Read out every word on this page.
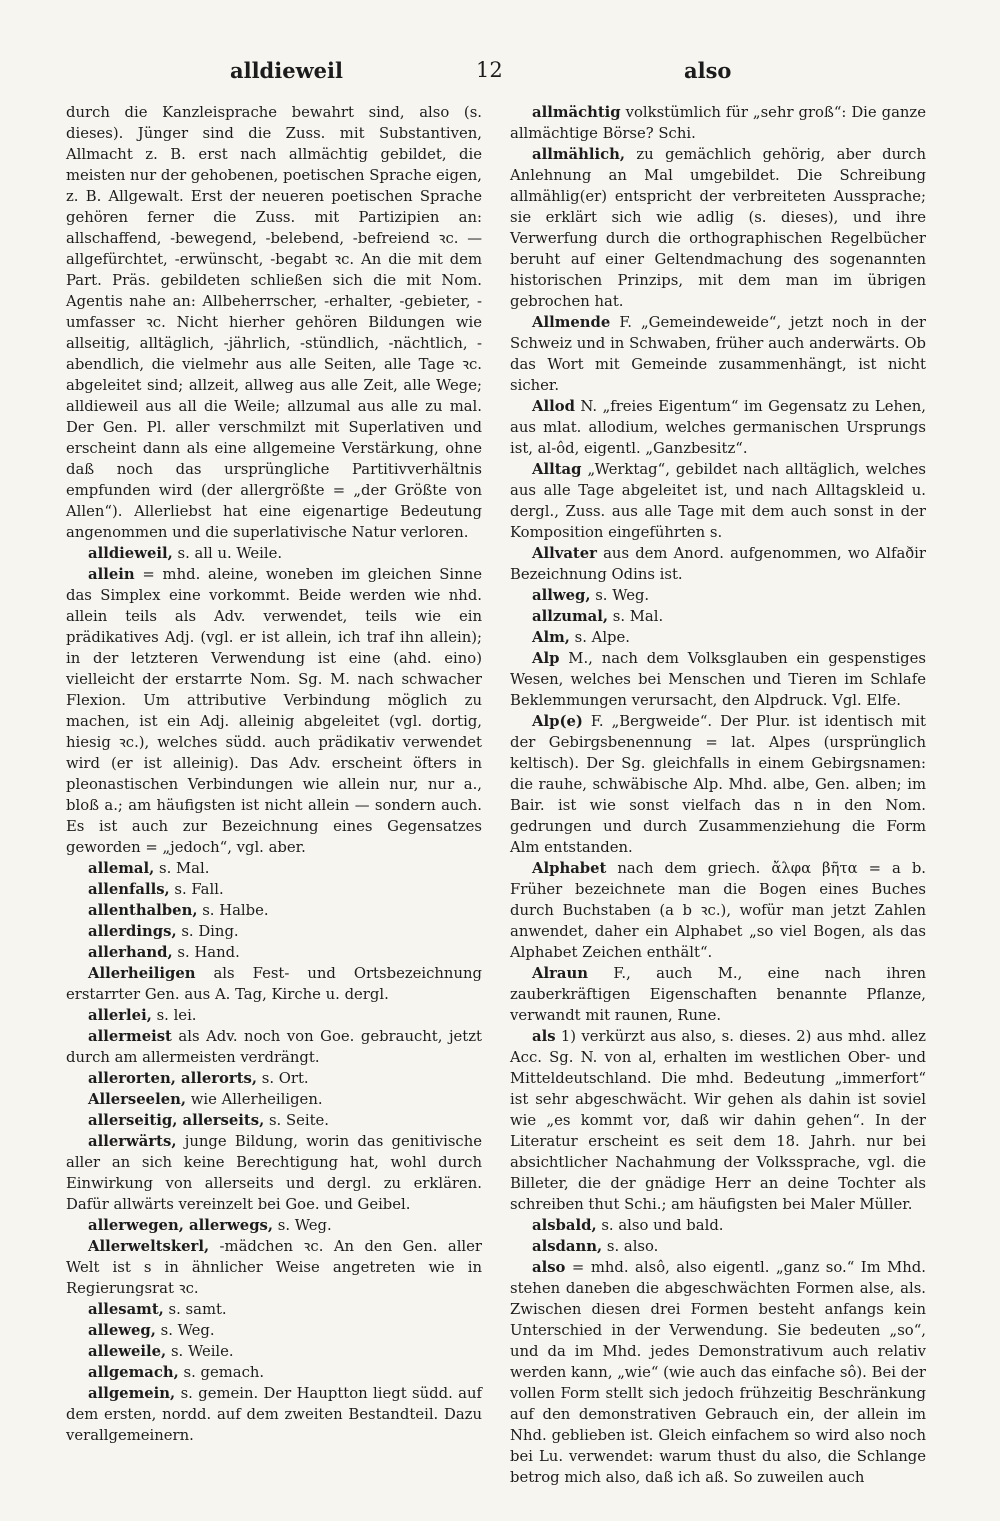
alldieweil	12	also

durch die Kanzleisprache bewahrt sind, also (s. dieses). Jünger sind die Zuss. mit Substantiven, Allmacht z. B. erst nach allmächtig gebildet, die meisten nur der gehobenen, poetischen Sprache eigen, z. B. Allgewalt. Erst der neueren poetischen Sprache gehören ferner die Zuss. mit Partizipien an: allschaffend, -bewegend, -belebend, -befreiend ꝛc. — allgefürchtet, -erwünscht, -begabt ꝛc. An die mit dem Part. Präs. gebildeten schließen sich die mit Nom. Agentis nahe an: Allbeherrscher, -erhalter, -gebieter, -umfasser ꝛc. Nicht hierher gehören Bildungen wie allseitig, alltäglich, -jährlich, -stündlich, -nächtlich, -abendlich, die vielmehr aus alle Seiten, alle Tage ꝛc. abgeleitet sind; allzeit, allweg aus alle Zeit, alle Wege; alldieweil aus all die Weile; allzumal aus alle zu mal. Der Gen. Pl. aller verschmilzt mit Superlativen und erscheint dann als eine allgemeine Verstärkung, ohne daß noch das ursprüngliche Partitivverhältnis empfunden wird (der allergrößte = „der Größte von Allen“). Allerliebst hat eine eigenartige Bedeutung angenommen und die superlativische Natur verloren.

alldieweil, s. all u. Weile.

allein = mhd. aleine, woneben im gleichen Sinne das Simplex eine vorkommt. Beide werden wie nhd. allein teils als Adv. verwendet, teils wie ein prädikatives Adj. (vgl. er ist allein, ich traf ihn allein); in der letzteren Verwendung ist eine (ahd. eino) vielleicht der erstarrte Nom. Sg. M. nach schwacher Flexion. Um attributive Verbindung möglich zu machen, ist ein Adj. alleinig abgeleitet (vgl. dortig, hiesig ꝛc.), welches südd. auch prädikativ verwendet wird (er ist alleinig). Das Adv. erscheint öfters in pleonastischen Verbindungen wie allein nur, nur a., bloß a.; am häufigsten ist nicht allein — sondern auch. Es ist auch zur Bezeichnung eines Gegensatzes geworden = „jedoch“, vgl. aber.

allemal, s. Mal.

allenfalls, s. Fall.

allenthalben, s. Halbe.

allerdings, s. Ding.

allerhand, s. Hand.

Allerheiligen als Fest- und Ortsbezeichnung erstarrter Gen. aus A. Tag, Kirche u. dergl.

allerlei, s. lei.

allermeist als Adv. noch von Goe. gebraucht, jetzt durch am allermeisten verdrängt.

allerorten, allerorts, s. Ort.

Allerseelen, wie Allerheiligen.

allerseitig, allerseits, s. Seite.

allerwärts, junge Bildung, worin das genitivische aller an sich keine Berechtigung hat, wohl durch Einwirkung von allerseits und dergl. zu erklären. Dafür allwärts vereinzelt bei Goe. und Geibel.

allerwegen, allerwegs, s. Weg.

Allerweltskerl, -mädchen ꝛc. An den Gen. aller Welt ist s in ähnlicher Weise angetreten wie in Regierungsrat ꝛc.

allesamt, s. samt.

alleweg, s. Weg.

alleweile, s. Weile.

allgemach, s. gemach.

allgemein, s. gemein. Der Hauptton liegt südd. auf dem ersten, nordd. auf dem zweiten Bestandteil. Dazu verallgemeinern.

allmächtig volkstümlich für „sehr groß“: Die ganze allmächtige Börse? Schi.

allmählich, zu gemächlich gehörig, aber durch Anlehnung an Mal umgebildet. Die Schreibung allmählig(er) entspricht der verbreiteten Aussprache; sie erklärt sich wie adlig (s. dieses), und ihre Verwerfung durch die orthographischen Regelbücher beruht auf einer Geltendmachung des sogenannten historischen Prinzips, mit dem man im übrigen gebrochen hat.

Allmende F. „Gemeindeweide“, jetzt noch in der Schweiz und in Schwaben, früher auch anderwärts. Ob das Wort mit Gemeinde zusammenhängt, ist nicht sicher.

Allod N. „freies Eigentum“ im Gegensatz zu Lehen, aus mlat. allodium, welches germanischen Ursprungs ist, al-ôd, eigentl. „Ganzbesitz“.

Alltag „Werktag“, gebildet nach alltäglich, welches aus alle Tage abgeleitet ist, und nach Alltagskleid u. dergl., Zuss. aus alle Tage mit dem auch sonst in der Komposition eingeführten s.

Allvater aus dem Anord. aufgenommen, wo Alfaðir Bezeichnung Odins ist.

allweg, s. Weg.

allzumal, s. Mal.

Alm, s. Alpe.

Alp M., nach dem Volksglauben ein gespenstiges Wesen, welches bei Menschen und Tieren im Schlafe Beklemmungen verursacht, den Alpdruck. Vgl. Elfe.

Alp(e) F. „Bergweide“. Der Plur. ist identisch mit der Gebirgsbenennung = lat. Alpes (ursprünglich keltisch). Der Sg. gleichfalls in einem Gebirgsnamen: die rauhe, schwäbische Alp. Mhd. albe, Gen. alben; im Bair. ist wie sonst vielfach das n in den Nom. gedrungen und durch Zusammenziehung die Form Alm entstanden.

Alphabet nach dem griech. ἄλφα βῆτα = a b. Früher bezeichnete man die Bogen eines Buches durch Buchstaben (a b ꝛc.), wofür man jetzt Zahlen anwendet, daher ein Alphabet „so viel Bogen, als das Alphabet Zeichen enthält“.

Alraun F., auch M., eine nach ihren zauberkräftigen Eigenschaften benannte Pflanze, verwandt mit raunen, Rune.

als 1) verkürzt aus also, s. dieses. 2) aus mhd. allez Acc. Sg. N. von al, erhalten im westlichen Ober- und Mitteldeutschland. Die mhd. Bedeutung „immerfort“ ist sehr abgeschwächt. Wir gehen als dahin ist soviel wie „es kommt vor, daß wir dahin gehen“. In der Literatur erscheint es seit dem 18. Jahrh. nur bei absichtlicher Nachahmung der Volkssprache, vgl. die Billeter, die der gnädige Herr an deine Tochter als schreiben thut Schi.; am häufigsten bei Maler Müller.

alsbald, s. also und bald.

alsdann, s. also.

also = mhd. alsô, also eigentl. „ganz so.“ Im Mhd. stehen daneben die abgeschwächten Formen alse, als. Zwischen diesen drei Formen besteht anfangs kein Unterschied in der Verwendung. Sie bedeuten „so“, und da im Mhd. jedes Demonstrativum auch relativ werden kann, „wie“ (wie auch das einfache sô). Bei der vollen Form stellt sich jedoch frühzeitig Beschränkung auf den demonstrativen Gebrauch ein, der allein im Nhd. geblieben ist. Gleich einfachem so wird also noch bei Lu. verwendet: warum thust du also, die Schlange betrog mich also, daß ich aß. So zuweilen auch
